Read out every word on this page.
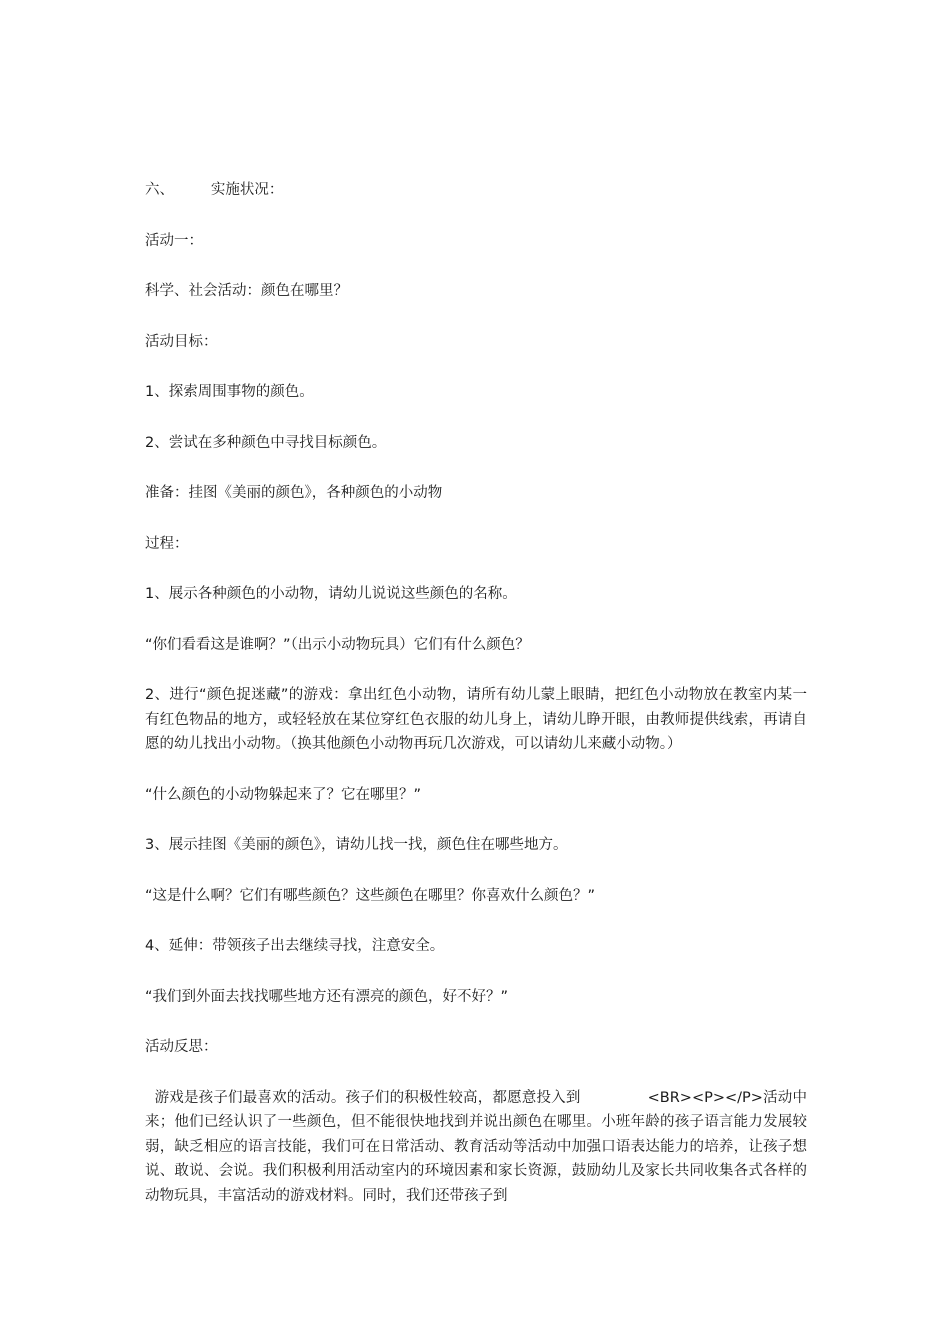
六、        实施状况：

活动一：

科学、社会活动：颜色在哪里？

活动目标：

1、探索周围事物的颜色。

2、尝试在多种颜色中寻找目标颜色。

准备：挂图《美丽的颜色》，各种颜色的小动物

过程：

1、展示各种颜色的小动物，请幼儿说说这些颜色的名称。

“你们看看这是谁啊？”（出示小动物玩具）它们有什么颜色？

2、进行“颜色捉迷藏”的游戏：拿出红色小动物，请所有幼儿蒙上眼睛，把红色小动物放在教室内某一有红色物品的地方，或轻轻放在某位穿红色衣服的幼儿身上，请幼儿睁开眼，由教师提供线索，再请自愿的幼儿找出小动物。（换其他颜色小动物再玩几次游戏，可以请幼儿来藏小动物。）

“什么颜色的小动物躲起来了？它在哪里？”

3、展示挂图《美丽的颜色》，请幼儿找一找，颜色住在哪些地方。

“这是什么啊？它们有哪些颜色？这些颜色在哪里？你喜欢什么颜色？”

4、延伸：带领孩子出去继续寻找，注意安全。

“我们到外面去找找哪些地方还有漂亮的颜色，好不好？”

活动反思：

游戏是孩子们最喜欢的活动。孩子们的积极性较高，都愿意投入到              <BR><P></P>活动中来；他们已经认识了一些颜色，但不能很快地找到并说出颜色在哪里。小班年龄的孩子语言能力发展较弱，缺乏相应的语言技能，我们可在日常活动、教育活动等活动中加强口语表达能力的培养，让孩子想说、敢说、会说。我们积极利用活动室内的环境因素和家长资源，鼓励幼儿及家长共同收集各式各样的动物玩具，丰富活动的游戏材料。同时，我们还带孩子到
